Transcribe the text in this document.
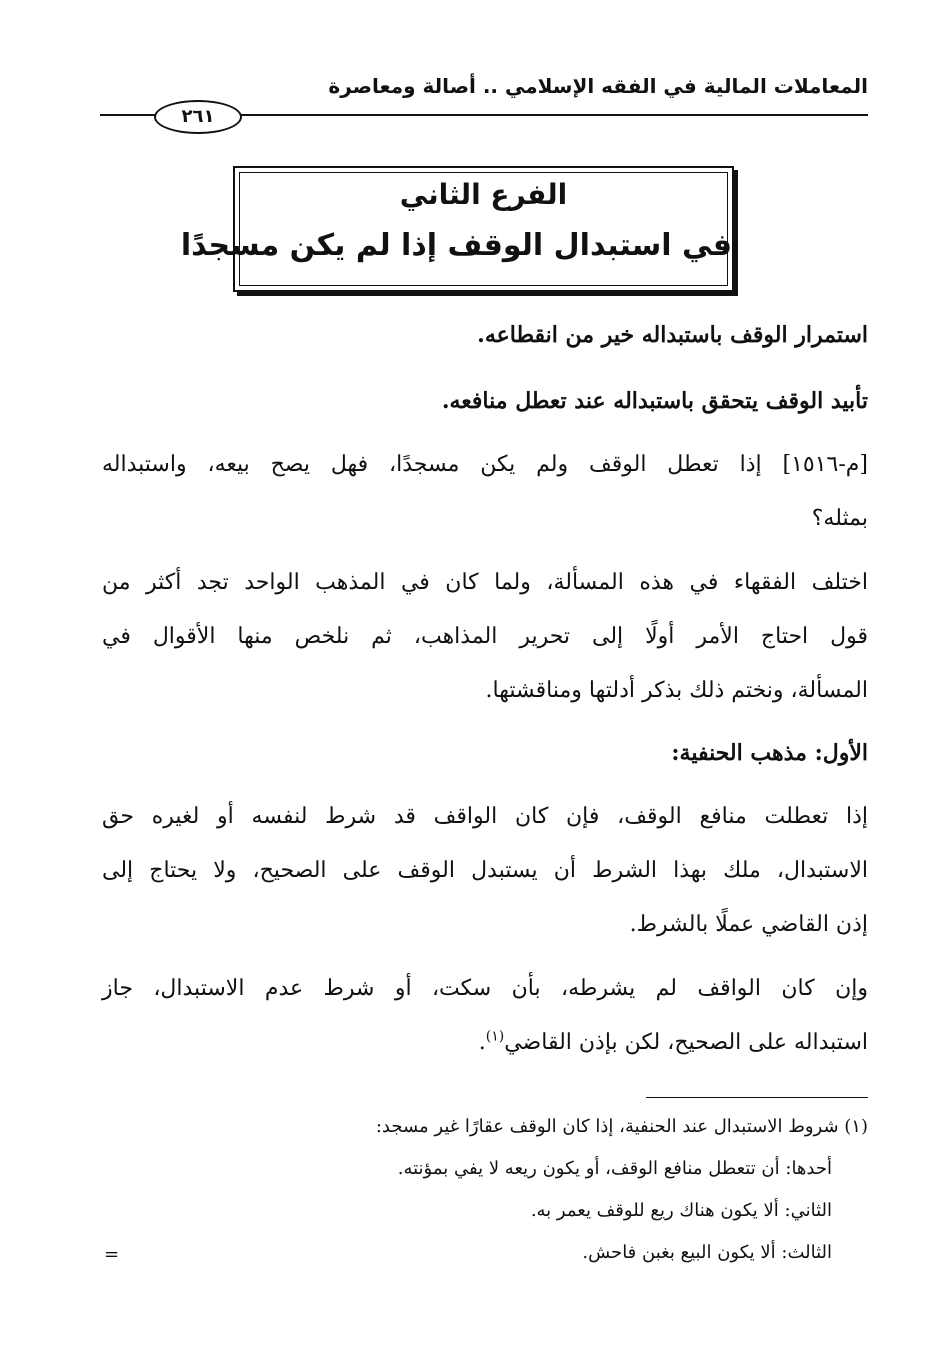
المعاملات المالية في الفقه الإسلامي .. أصالة ومعاصرة
٢٦١
الفرع الثاني
في استبدال الوقف إذا لم يكن مسجدًا
استمرار الوقف باستبداله خير من انقطاعه.
تأبيد الوقف يتحقق باستبداله عند تعطل منافعه.
[م-١٥١٦] إذا تعطل الوقف ولم يكن مسجدًا، فهل يصح بيعه، واستبداله
بمثله؟
اختلف الفقهاء في هذه المسألة، ولما كان في المذهب الواحد تجد أكثر من
قول احتاج الأمر أولًا إلى تحرير المذاهب، ثم نلخص منها الأقوال في
المسألة، ونختم ذلك بذكر أدلتها ومناقشتها.
الأول: مذهب الحنفية:
إذا تعطلت منافع الوقف، فإن كان الواقف قد شرط لنفسه أو لغيره حق
الاستبدال، ملك بهذا الشرط أن يستبدل الوقف على الصحيح، ولا يحتاج إلى
إذن القاضي عملًا بالشرط.
وإن كان الواقف لم يشرطه، بأن سكت، أو شرط عدم الاستبدال، جاز
استبداله على الصحيح، لكن بإذن القاضي$^{(١)}$.
(١) شروط الاستبدال عند الحنفية، إذا كان الوقف عقارًا غير مسجد:
أحدها: أن تتعطل منافع الوقف، أو يكون ريعه لا يفي بمؤنته.
الثاني: ألا يكون هناك ريع للوقف يعمر به.
الثالث: ألا يكون البيع بغبن فاحش.
=
